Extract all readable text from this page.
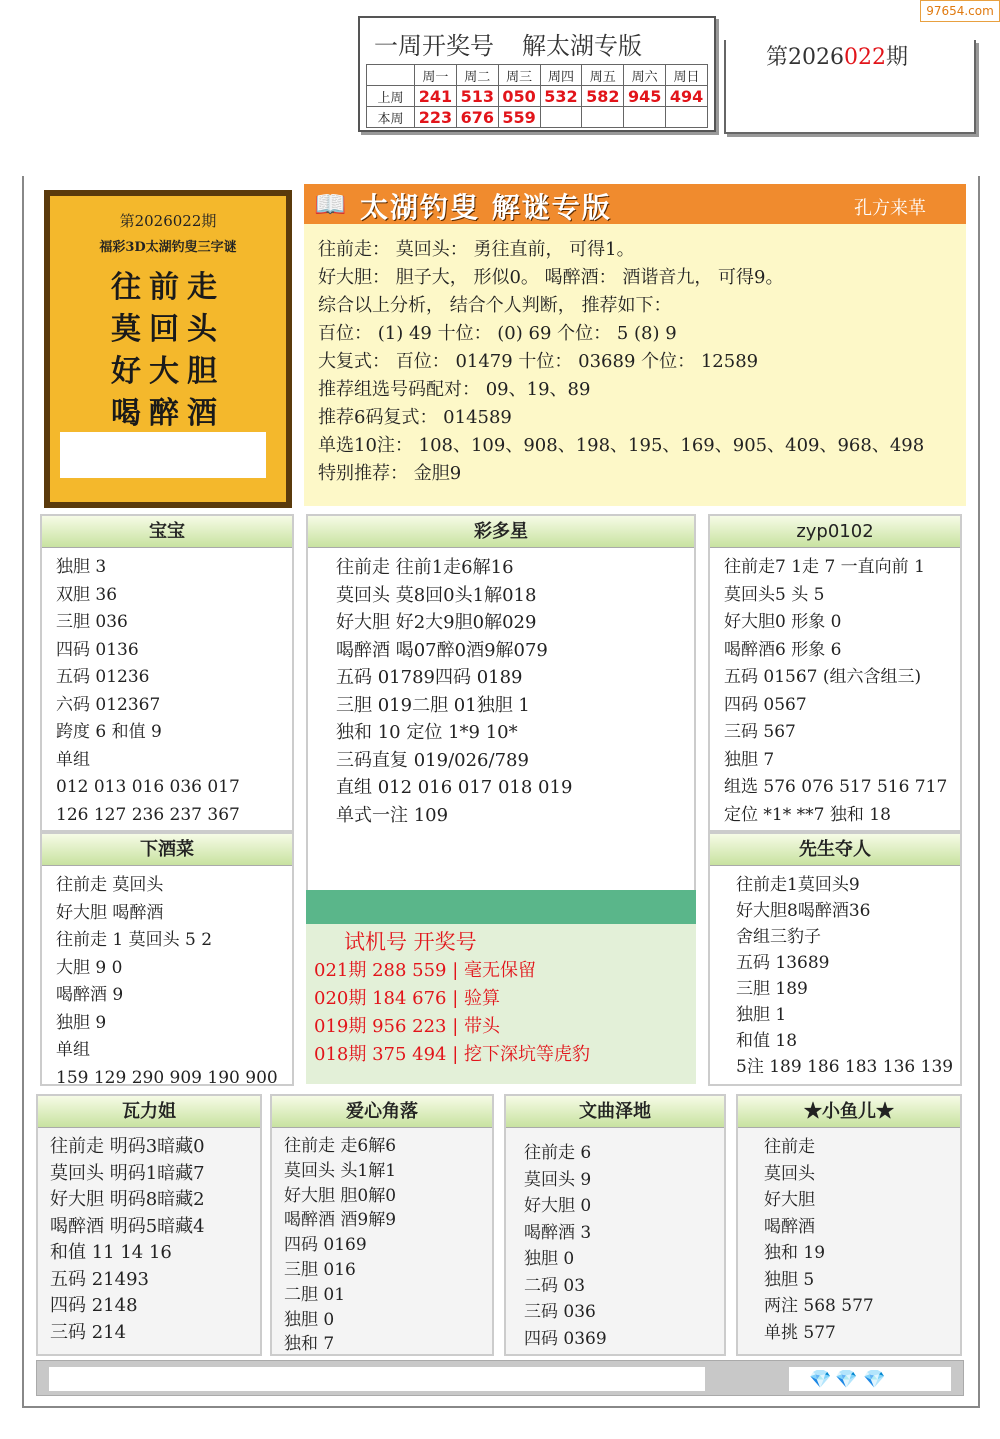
97654.com
一周开奖号 解太湖专版
	周一	周二	周三	周四	周五	周六	周日
上周	241	513	050	532	582	945	494
本周	223	676	559				
第2026022期
第2026022期
福彩3D太湖钓叟三字谜
往前走
莫回头
好大胆
喝醉酒
📖 太湖钓叟 解谜专版	孔方来革
往前走： 莫回头： 勇往直前， 可得1。
好大胆： 胆子大， 形似0。 喝醉酒： 酒谐音九， 可得9。
综合以上分析， 结合个人判断， 推荐如下：
百位： (1) 49 十位： (0) 69 个位： 5 (8) 9
大复式： 百位： 01479 十位： 03689 个位： 12589
推荐组选号码配对： 09、19、89
推荐6码复式： 014589
单选10注： 108、109、908、198、195、169、905、409、968、498
特别推荐： 金胆9
宝宝
独胆 3
双胆 36
三胆 036
四码 0136
五码 01236
六码 012367
跨度 6 和值 9
单组
012 013 016 036 017
126 127 236 237 367
彩多星
往前走 往前1走6解16
莫回头 莫8回0头1解018
好大胆 好2大9胆0解029
喝醉酒 喝07醉0酒9解079
五码 01789四码 0189
三胆 019二胆 01独胆 1
独和 10 定位 1*9 10*
三码直复 019/026/789
直组 012 016 017 018 019
单式一注 109
zyp0102
往前走7 1走 7 一直向前 1
莫回头5 头 5
好大胆0 形象 0
喝醉酒6 形象 6
五码 01567 (组六含组三)
四码 0567
三码 567
独胆 7
组选 576 076 517 516 717
定位 *1* **7 独和 18
下酒菜
往前走 莫回头
好大胆 喝醉酒
往前走 1 莫回头 5 2
大胆 9 0
喝醉酒 9
独胆 9
单组
159 129 290 909 190 900
试机号 开奖号
021期 288 559 | 毫无保留
020期 184 676 | 验算
019期 956 223 | 带头
018期 375 494 | 挖下深坑等虎豹
先生夺人
往前走1莫回头9
好大胆8喝醉酒36
舍组三豹子
五码 13689
三胆 189
独胆 1
和值 18
5注 189 186 183 136 139
瓦力姐
往前走 明码3暗藏0
莫回头 明码1暗藏7
好大胆 明码8暗藏2
喝醉酒 明码5暗藏4
和值 11 14 16
五码 21493
四码 2148
三码 214
爱心角落
往前走 走6解6
莫回头 头1解1
好大胆 胆0解0
喝醉酒 酒9解9
四码 0169
三胆 016
二胆 01
独胆 0
独和 7
文曲泽地
往前走 6
莫回头 9
好大胆 0
喝醉酒 3
独胆 0
二码 03
三码 036
四码 0369
★小鱼儿★
往前走
莫回头
好大胆
喝醉酒
独和 19
独胆 5
两注 568 577
单挑 577
💎 💎 💎
